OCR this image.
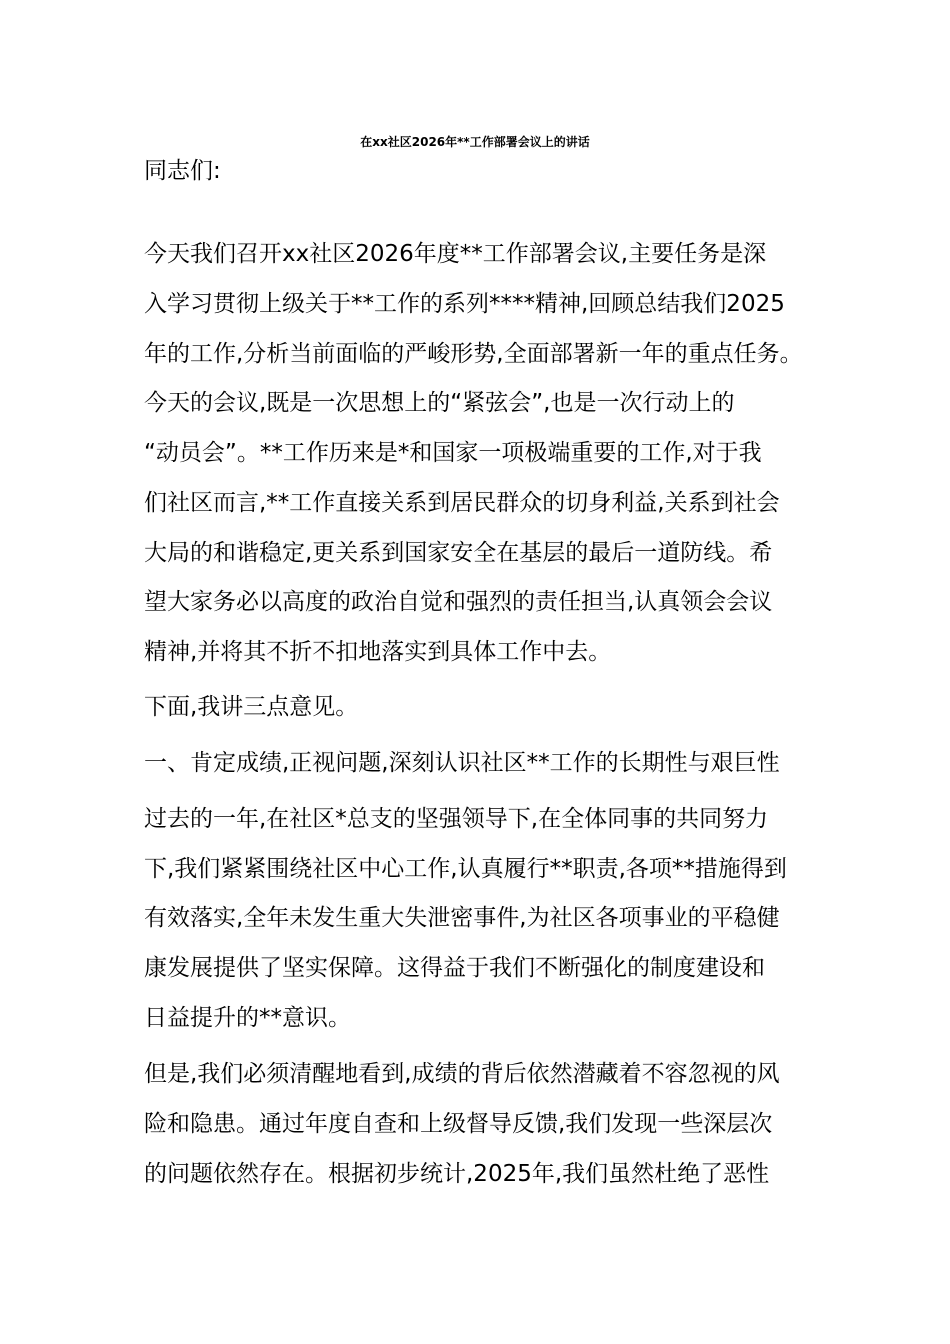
在xx社区2026年**工作部署会议上的讲话
同志们:
今天我们召开xx社区2026年度**工作部署会议,主要任务是深
入学习贯彻上级关于**工作的系列****精神,回顾总结我们2025
年的工作,分析当前面临的严峻形势,全面部署新一年的重点任务。
今天的会议,既是一次思想上的“紧弦会”,也是一次行动上的
“动员会”。**工作历来是*和国家一项极端重要的工作,对于我
们社区而言,**工作直接关系到居民群众的切身利益,关系到社会
大局的和谐稳定,更关系到国家安全在基层的最后一道防线。希
望大家务必以高度的政治自觉和强烈的责任担当,认真领会会议
精神,并将其不折不扣地落实到具体工作中去。
下面,我讲三点意见。
一、肯定成绩,正视问题,深刻认识社区**工作的长期性与艰巨性
过去的一年,在社区*总支的坚强领导下,在全体同事的共同努力
下,我们紧紧围绕社区中心工作,认真履行**职责,各项**措施得到
有效落实,全年未发生重大失泄密事件,为社区各项事业的平稳健
康发展提供了坚实保障。这得益于我们不断强化的制度建设和
日益提升的**意识。
但是,我们必须清醒地看到,成绩的背后依然潜藏着不容忽视的风
险和隐患。通过年度自查和上级督导反馈,我们发现一些深层次
的问题依然存在。根据初步统计,2025年,我们虽然杜绝了恶性
